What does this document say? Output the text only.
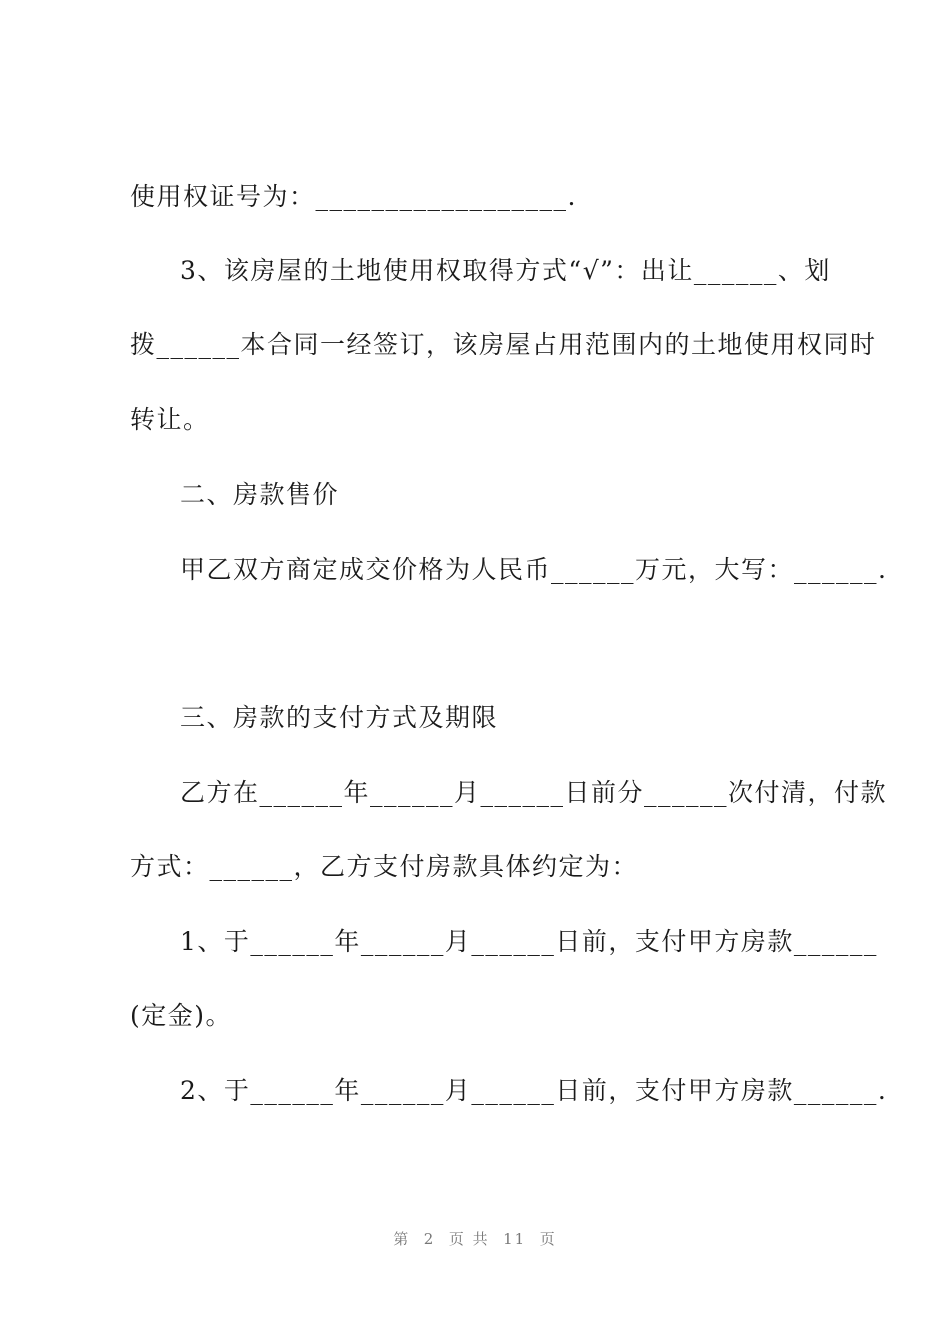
使用权证号为：__________________.
3、该房屋的土地使用权取得方式“√”：出让______、划
拨______本合同一经签订，该房屋占用范围内的土地使用权同时
转让。
二、房款售价
甲乙双方商定成交价格为人民币______万元，大写：______.
三、房款的支付方式及期限
乙方在______年______月______日前分______次付清，付款
方式：______，乙方支付房款具体约定为：
1、于______年______月______日前，支付甲方房款______
(定金)。
2、于______年______月______日前，支付甲方房款______.
第  2  页 共  11  页
